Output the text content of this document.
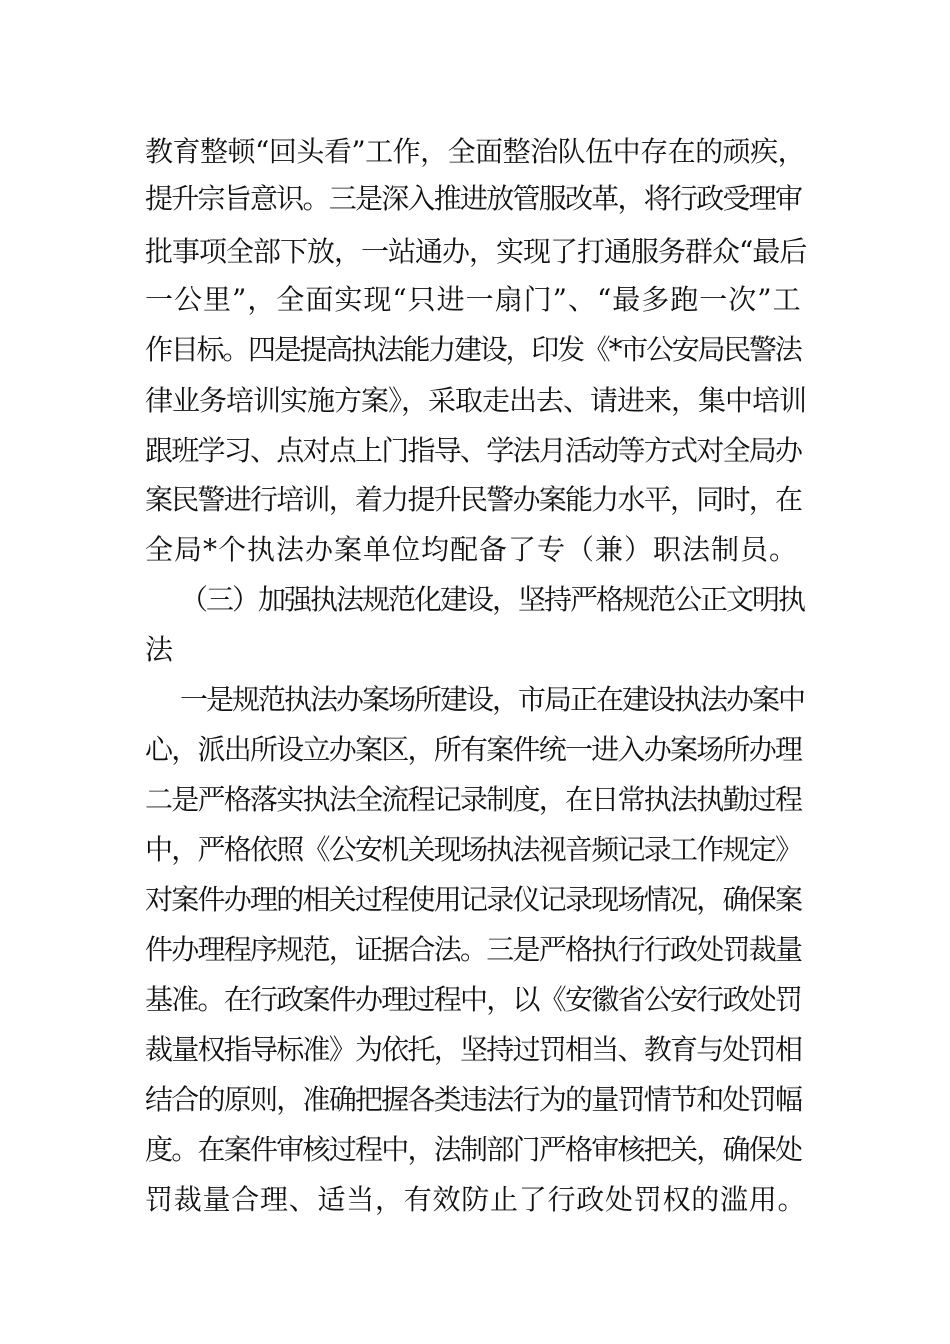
教育整顿“回头看”工作，全面整治队伍中存在的顽疾，
提升宗旨意识。三是深入推进放管服改革，将行政受理审
批事项全部下放，一站通办，实现了打通服务群众“最后
一公里”，全面实现“只进一扇门”、“最多跑一次”工
作目标。四是提高执法能力建设，印发《*市公安局民警法
律业务培训实施方案》，采取走出去、请进来，集中培训
跟班学习、点对点上门指导、学法月活动等方式对全局办
案民警进行培训，着力提升民警办案能力水平，同时，在
全局*个执法办案单位均配备了专（兼）职法制员。
（三）加强执法规范化建设，坚持严格规范公正文明执
法
一是规范执法办案场所建设，市局正在建设执法办案中
心，派出所设立办案区，所有案件统一进入办案场所办理
二是严格落实执法全流程记录制度，在日常执法执勤过程
中，严格依照《公安机关现场执法视音频记录工作规定》
对案件办理的相关过程使用记录仪记录现场情况，确保案
件办理程序规范，证据合法。三是严格执行行政处罚裁量
基准。在行政案件办理过程中，以《安徽省公安行政处罚
裁量权指导标准》为依托，坚持过罚相当、教育与处罚相
结合的原则，准确把握各类违法行为的量罚情节和处罚幅
度。在案件审核过程中，法制部门严格审核把关，确保处
罚裁量合理、适当，有效防止了行政处罚权的滥用。
